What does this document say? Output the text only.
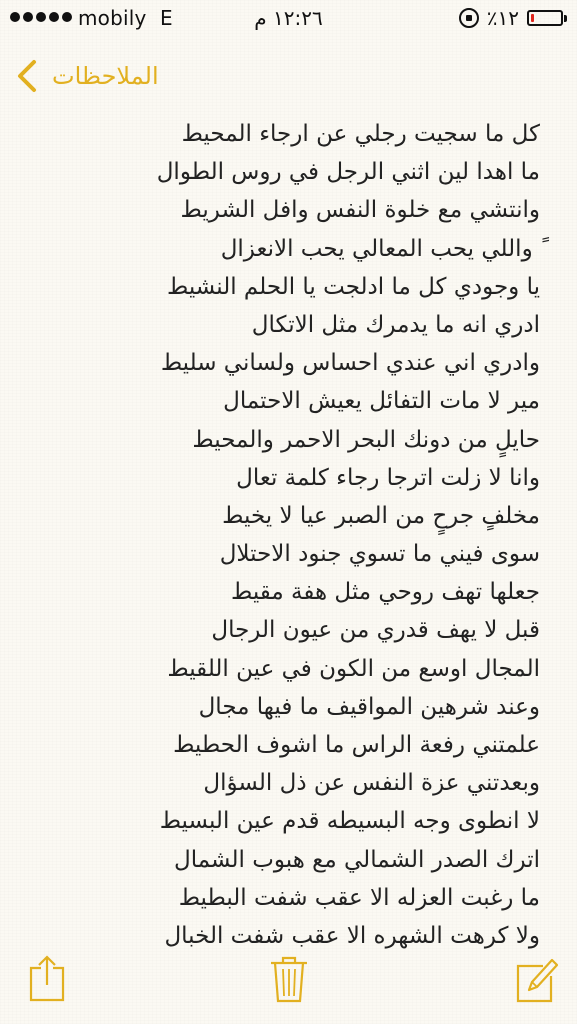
mobily E	١٢:٢٦ م	٪١٢
الملاحظات
كل ما سجيت رجلي عن ارجاء المحيط
ما اهدا لين اثني الرجل في روس الطوال
وانتشي مع خلوة النفس وافل الشريط
ً واللي يحب المعالي يحب الانعزال
يا وجودي كل ما ادلجت يا الحلم النشيط
ادري انه ما يدمرك مثل الاتكال
وادري اني عندي احساس ولساني سليط
مير لا مات التفائل يعيش الاحتمال
حايلٍ من دونك البحر الاحمر والمحيط
وانا لا زلت اترجا رجاء كلمة تعال
مخلفٍ جرحٍ من الصبر عيا لا يخيط
سوى فيني ما تسوي جنود الاحتلال
جعلها تهف روحي مثل هفة مقيط
قبل لا يهف قدري من عيون الرجال
المجال اوسع من الكون في عين اللقيط
وعند شرهين المواقيف ما فيها مجال
علمتني رفعة الراس ما اشوف الحطيط
وبعدتني عزة النفس عن ذل السؤال
لا انطوى وجه البسيطه قدم عين البسيط
اترك الصدر الشمالي مع هبوب الشمال
ما رغبت العزله الا عقب شفت البطيط
ولا كرهت الشهره الا عقب شفت الخبال
